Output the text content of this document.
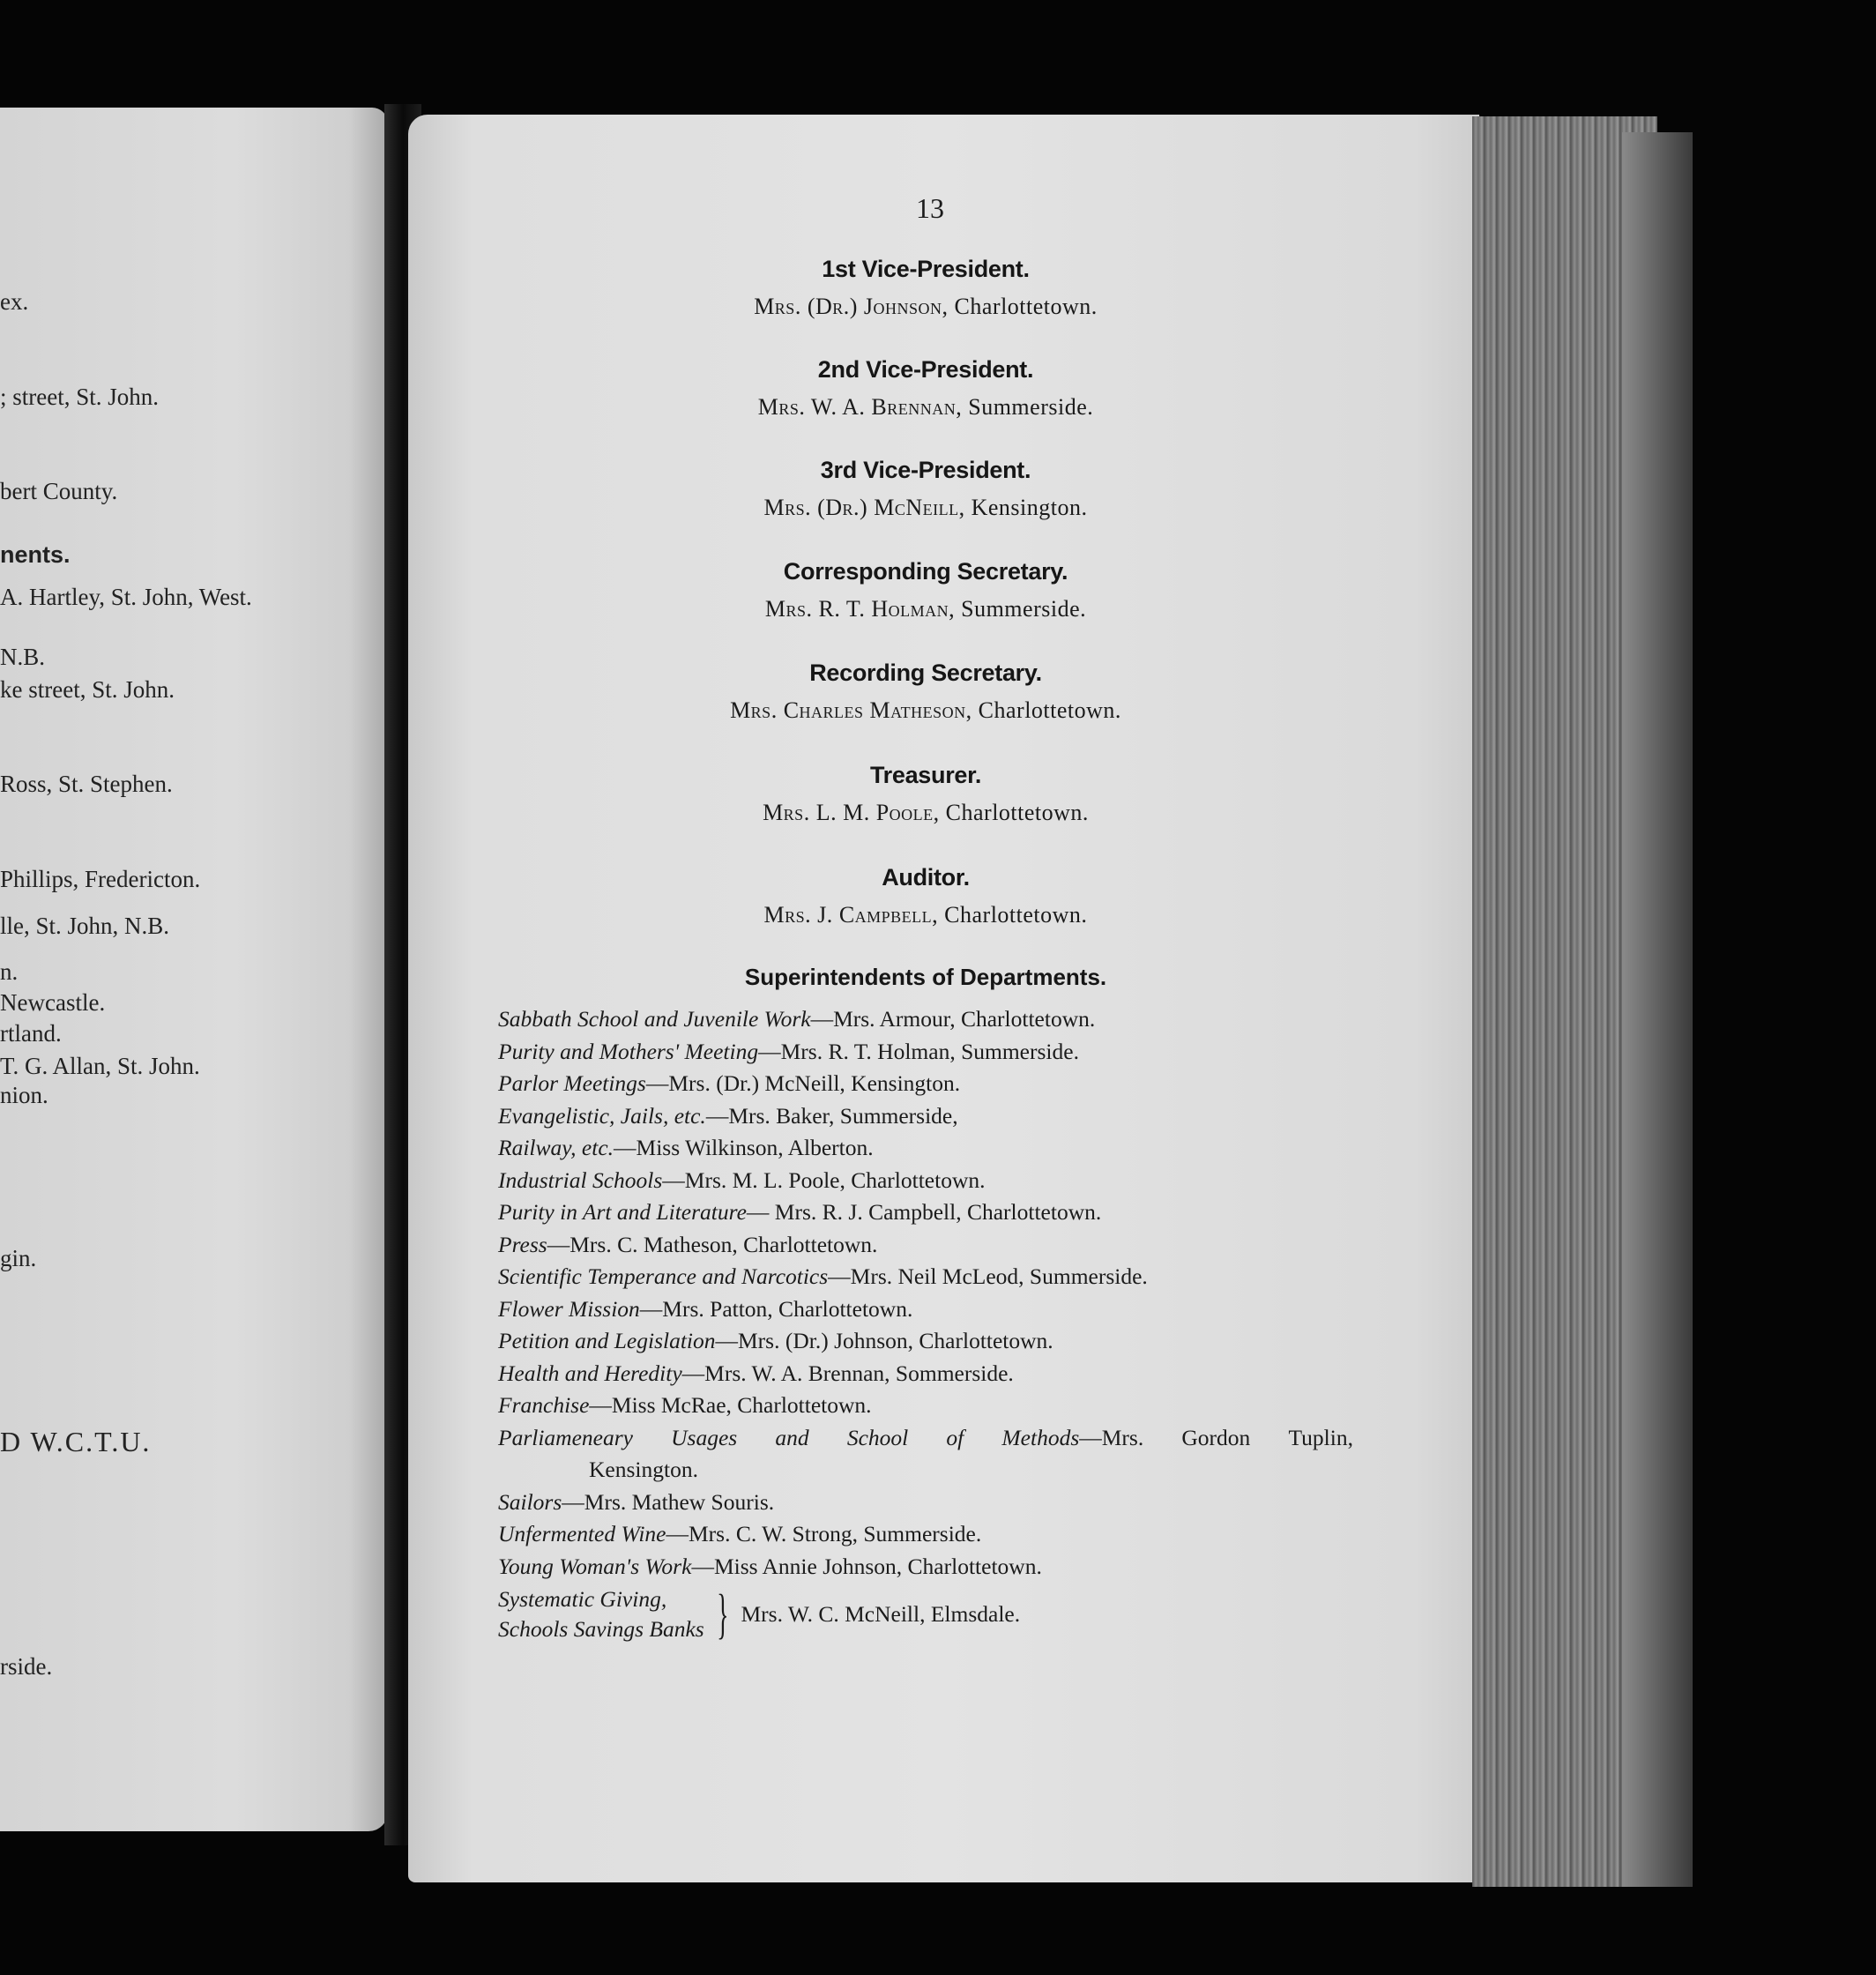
ex.
; street, St. John.
bert County.
nents.
A. Hartley, St. John, West.
N.B.
ke street, St. John.
Ross, St. Stephen.
Phillips, Fredericton.
lle, St. John, N.B.
n.
Newcastle.
rtland.
T. G. Allan, St. John.
nion.
gin.
D W.C.T.U.
rside.
13
1st Vice-President.
Mrs. (Dr.) Johnson, Charlottetown.
2nd Vice-President.
Mrs. W. A. Brennan, Summerside.
3rd Vice-President.
Mrs. (Dr.) McNeill, Kensington.
Corresponding Secretary.
Mrs. R. T. Holman, Summerside.
Recording Secretary.
Mrs. Charles Matheson, Charlottetown.
Treasurer.
Mrs. L. M. Poole, Charlottetown.
Auditor.
Mrs. J. Campbell, Charlottetown.
Superintendents of Departments.
Sabbath School and Juvenile Work—Mrs. Armour, Charlottetown.
Purity and Mothers' Meeting—Mrs. R. T. Holman, Summerside.
Parlor Meetings—Mrs. (Dr.) McNeill, Kensington.
Evangelistic, Jails, etc.—Mrs. Baker, Summerside,
Railway, etc.—Miss Wilkinson, Alberton.
Industrial Schools—Mrs. M. L. Poole, Charlottetown.
Purity in Art and Literature— Mrs. R. J. Campbell, Charlottetown.
Press—Mrs. C. Matheson, Charlottetown.
Scientific Temperance and Narcotics—Mrs. Neil McLeod, Summerside.
Flower Mission—Mrs. Patton, Charlottetown.
Petition and Legislation—Mrs. (Dr.) Johnson, Charlottetown.
Health and Heredity—Mrs. W. A. Brennan, Sommerside.
Franchise—Miss McRae, Charlottetown.
Parliameneary Usages and School of Methods—Mrs. Gordon Tuplin,
Kensington.
Sailors—Mrs. Mathew Souris.
Unfermented Wine—Mrs. C. W. Strong, Summerside.
Young Woman's Work—Miss Annie Johnson, Charlottetown.
Systematic Giving,
Schools Savings Banks } Mrs. W. C. McNeill, Elmsdale.
